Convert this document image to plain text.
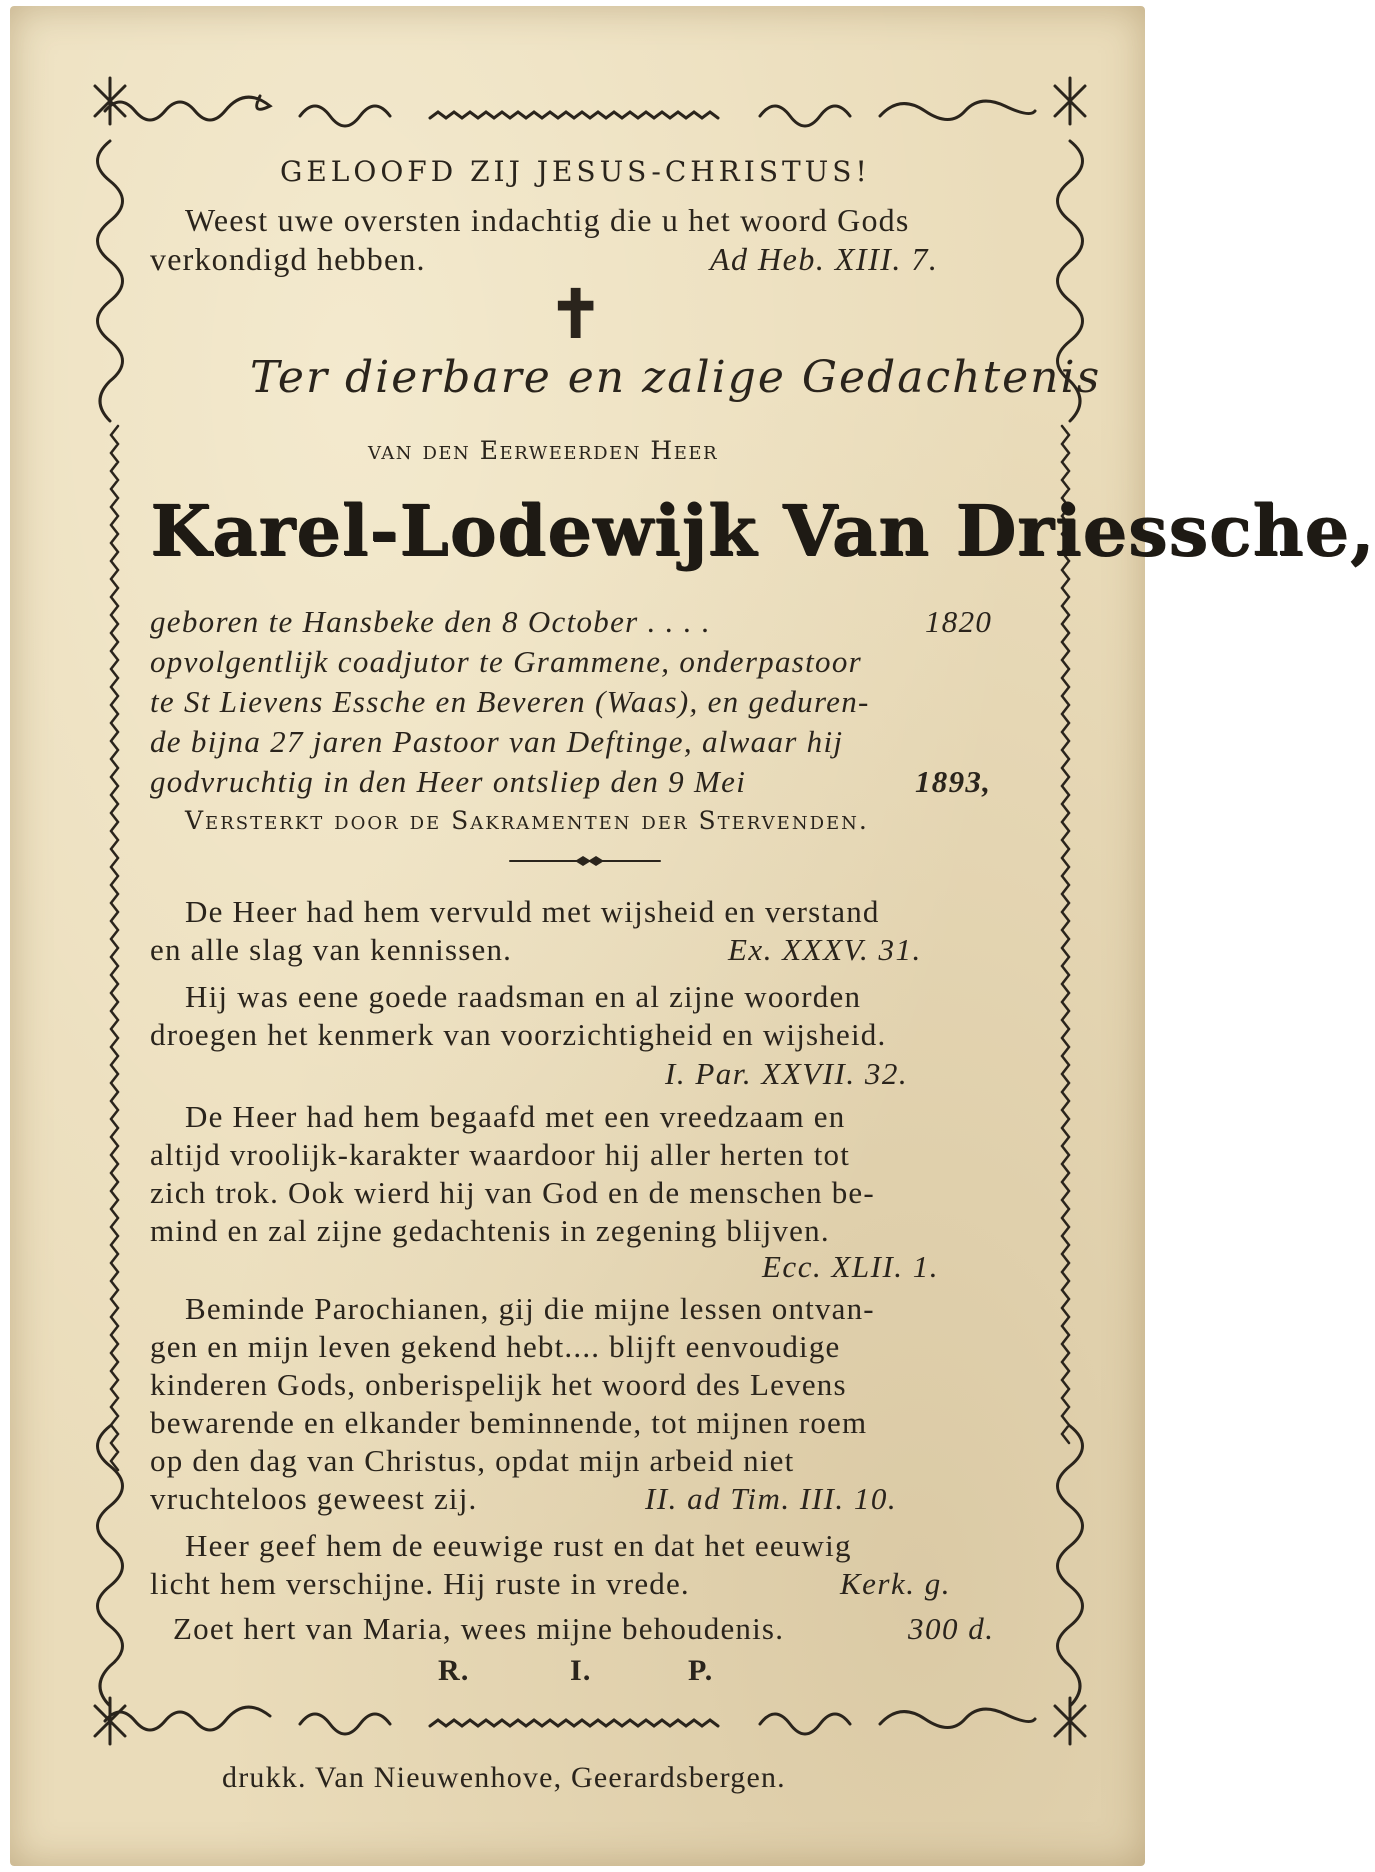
GELOOFD ZIJ JESUS-CHRISTUS!
Weest uwe oversten indachtig die u het woord Gods
verkondigd hebben.	Ad Heb. XIII. 7.
✝
Ter dierbare en zalige Gedachtenis
van den Eerweerden Heer
Karel-Lodewijk Van Driessche,
geboren te Hansbeke den 8 October . . . .	1820
opvolgentlijk coadjutor te Grammene, onderpastoor
te St Lievens Essche en Beveren (Waas), en geduren-
de bijna 27 jaren Pastoor van Deftinge, alwaar hij
godvruchtig in den Heer ontsliep den 9 Mei	1893,
Versterkt door de Sakramenten der Stervenden.
De Heer had hem vervuld met wijsheid en verstand
en alle slag van kennissen.	Ex. XXXV. 31.
Hij was eene goede raadsman en al zijne woorden
droegen het kenmerk van voorzichtigheid en wijsheid.
I. Par. XXVII. 32.
De Heer had hem begaafd met een vreedzaam en
altijd vroolijk-karakter waardoor hij aller herten tot
zich trok. Ook wierd hij van God en de menschen be-
mind en zal zijne gedachtenis in zegening blijven.
Ecc. XLII. 1.
Beminde Parochianen, gij die mijne lessen ontvan-
gen en mijn leven gekend hebt.... blijft eenvoudige
kinderen Gods, onberispelijk het woord des Levens
bewarende en elkander beminnende, tot mijnen roem
op den dag van Christus, opdat mijn arbeid niet
vruchteloos geweest zij.	II. ad Tim. III. 10.
Heer geef hem de eeuwige rust en dat het eeuwig
licht hem verschijne. Hij ruste in vrede.	Kerk. g.
Zoet hert van Maria, wees mijne behoudenis.	300 d.
R.	I.	P.
drukk. Van Nieuwenhove, Geerardsbergen.
